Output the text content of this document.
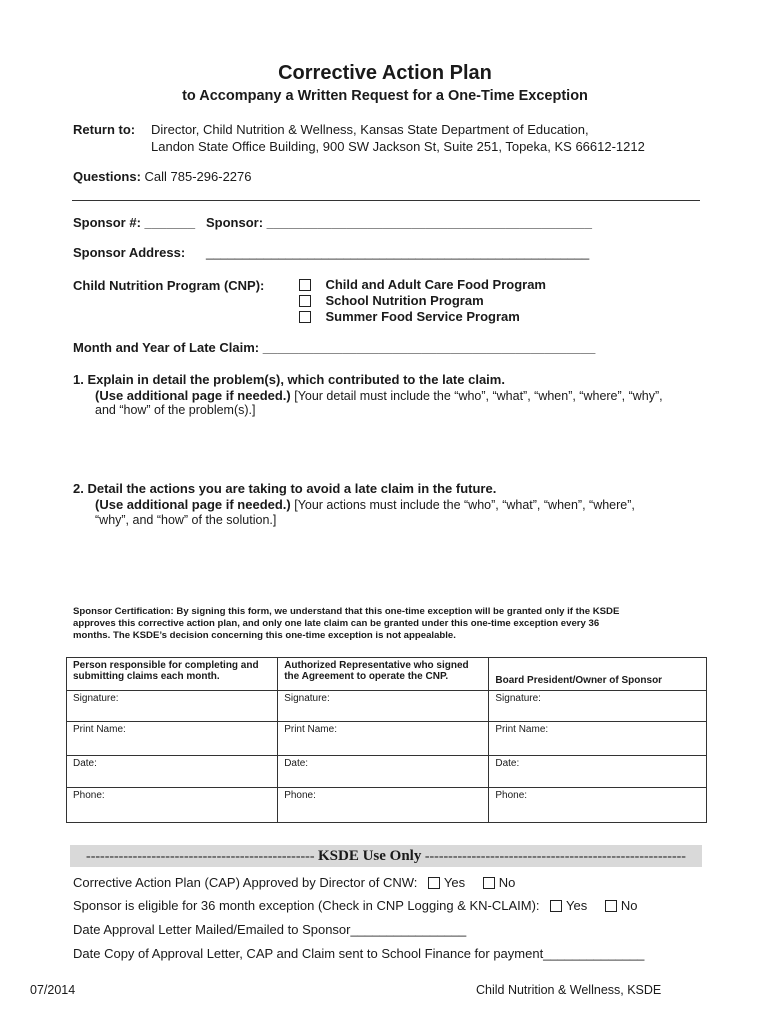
Corrective Action Plan
to Accompany a Written Request for a One-Time Exception
Return to: Director, Child Nutrition & Wellness, Kansas State Department of Education,
Landon State Office Building, 900 SW Jackson St, Suite 251, Topeka, KS 66612-1212
Questions: Call 785-296-2276
Sponsor #: _______ Sponsor: _____________________________________________
Sponsor Address: _____________________________________________________
Child Nutrition Program (CNP):	Child and Adult Care Food Program
School Nutrition Program
Summer Food Service Program
Month and Year of Late Claim: ______________________________________________
1. Explain in detail the problem(s), which contributed to the late claim.
(Use additional page if needed.) [Your detail must include the “who”, “what”, “when”, “where”, “why”,
and “how” of the problem(s).]
2. Detail the actions you are taking to avoid a late claim in the future.
(Use additional page if needed.) [Your actions must include the “who”, “what”, “when”, “where”,
“why”, and “how” of the solution.]
Sponsor Certification: By signing this form, we understand that this one-time exception will be granted only if the KSDE
approves this corrective action plan, and only one late claim can be granted under this one-time exception every 36
months. The KSDE’s decision concerning this one-time exception is not appealable.
Person responsible for completing and
submitting claims each month.	Authorized Representative who signed
the Agreement to operate the CNP.	Board President/Owner of Sponsor
Signature:	Signature:	Signature:
Print Name:	Print Name:	Print Name:
Date:	Date:	Date:
Phone:	Phone:	Phone:
------------------------------------------------- KSDE Use Only --------------------------------------------------------
Corrective Action Plan (CAP) Approved by Director of CNW: Yes	No
Sponsor is eligible for 36 month exception (Check in CNP Logging & KN-CLAIM): Yes	No
Date Approval Letter Mailed/Emailed to Sponsor________________
Date Copy of Approval Letter, CAP and Claim sent to School Finance for payment______________
07/2014	Child Nutrition & Wellness, KSDE
